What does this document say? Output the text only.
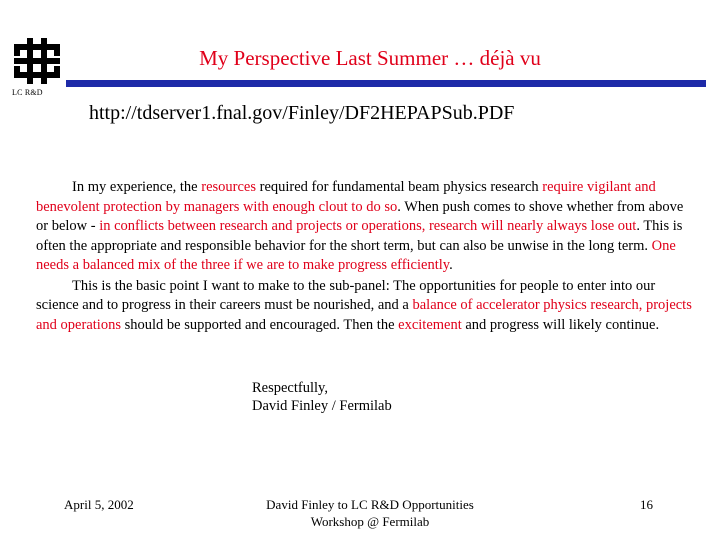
LC R&D
My Perspective Last Summer … déjà vu
http://tdserver1.fnal.gov/Finley/DF2HEPAPSub.PDF

In my experience, the resources required for fundamental beam physics research require vigilant and benevolent protection by managers with enough clout to do so. When push comes to shove whether from above or below - in conflicts between research and projects or operations, research will nearly always lose out. This is often the appropriate and responsible behavior for the short term, but can also be unwise in the long term. One needs a balanced mix of the three if we are to make progress efficiently.

This is the basic point I want to make to the sub-panel: The opportunities for people to enter into our science and to progress in their careers must be nourished, and a balance of accelerator physics research, projects and operations should be supported and encouraged. Then the excitement and progress will likely continue.

Respectfully,
David Finley / Fermilab
April 5, 2002	David Finley to LC R&D Opportunities
Workshop @ Fermilab
16
